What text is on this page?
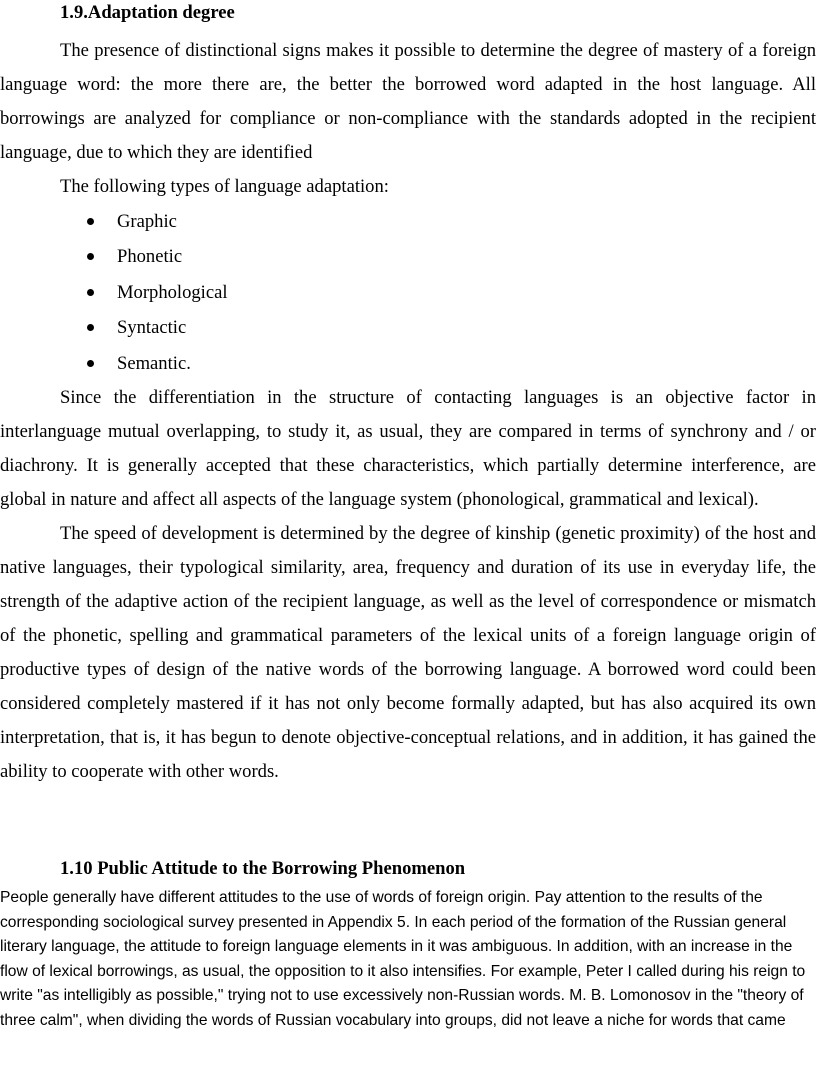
1.9.Adaptation degree

The presence of distinctional signs makes it possible to determine the degree of mastery of a foreign language word: the more there are, the better the borrowed word adapted in the host language. All borrowings are analyzed for compliance or non-compliance with the standards adopted in the recipient language, due to which they are identified

The following types of language adaptation:
Graphic
Phonetic
Morphological
Syntactic
Semantic.

Since the differentiation in the structure of contacting languages is an objective factor in interlanguage mutual overlapping, to study it, as usual, they are compared in terms of synchrony and / or diachrony. It is generally accepted that these characteristics, which partially determine interference, are global in nature and affect all aspects of the language system (phonological, grammatical and lexical).

The speed of development is determined by the degree of kinship (genetic proximity) of the host and native languages, their typological similarity, area, frequency and duration of its use in everyday life, the strength of the adaptive action of the recipient language, as well as the level of correspondence or mismatch of the phonetic, spelling and grammatical parameters of the lexical units of a foreign language origin of productive types of design of the native words of the borrowing language. A borrowed word could been considered completely mastered if it has not only become formally adapted, but has also acquired its own interpretation, that is, it has begun to denote objective-conceptual relations, and in addition, it has gained the ability to cooperate with other words.

1.10 Public Attitude to the Borrowing Phenomenon

People generally have different attitudes to the use of words of foreign origin. Pay attention to the results of the corresponding sociological survey presented in Appendix 5. In each period of the formation of the Russian general literary language, the attitude to foreign language elements in it was ambiguous. In addition, with an increase in the flow of lexical borrowings, as usual, the opposition to it also intensifies. For example, Peter I called during his reign to write "as intelligibly as possible," trying not to use excessively non-Russian words. M. B. Lomonosov in the "theory of three calm", when dividing the words of Russian vocabulary into groups, did not leave a niche for words that came
